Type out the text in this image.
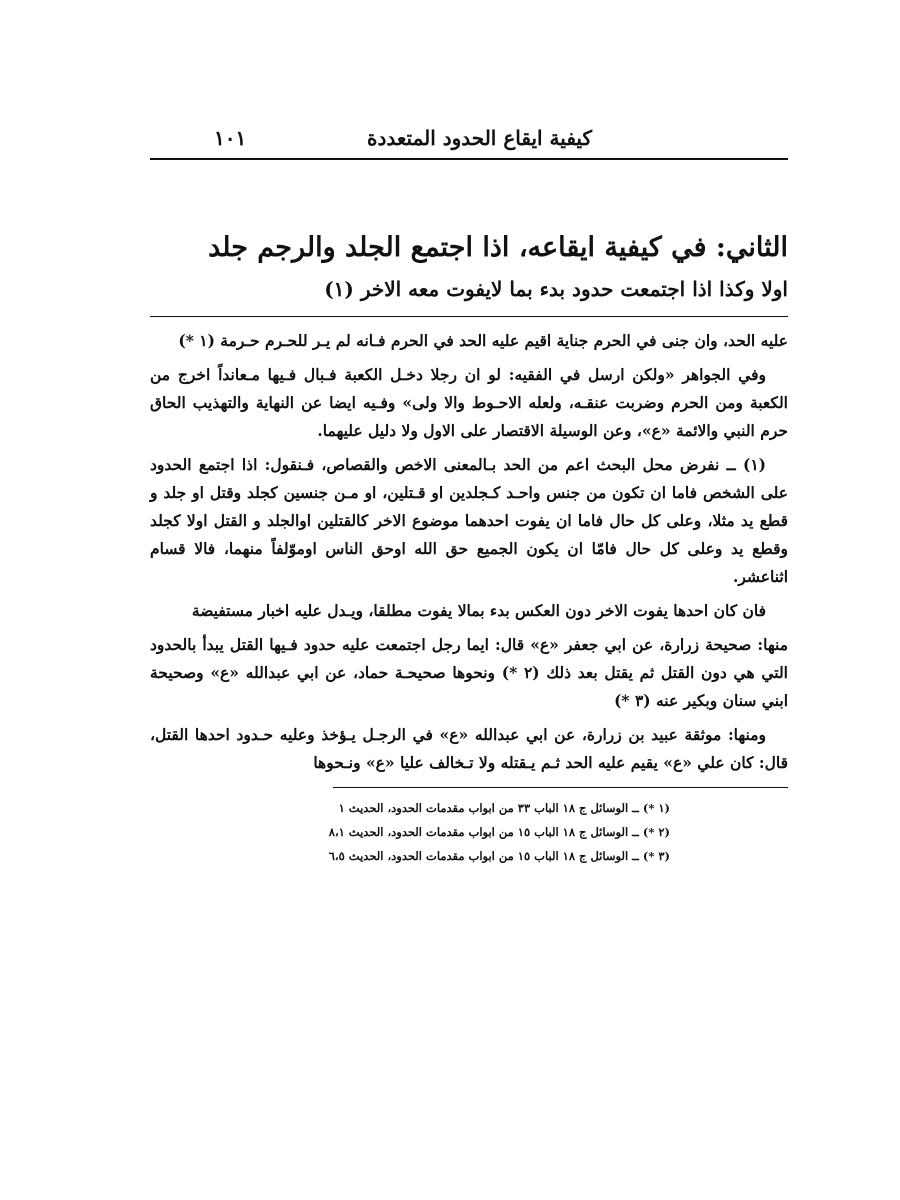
كيفية ايقاع الحدود المتعددة
١٠١
الثاني: في كيفية ايقاعه، اذا اجتمع الجلد والرجم جلد
اولا وكذا اذا اجتمعت حدود بدء بما لايفوت معه الاخر (١)

عليه الحد، وان جنى في الحرم جناية اقيم عليه الحد في الحرم فـانه لم يـر للحـرم حـرمة (١ *)

وفي الجواهر «ولكن ارسل في الفقيه: لو ان رجلا دخـل الكعبة فـبال فـيها مـعانداً اخرج من الكعبة ومن الحرم وضربت عنقـه، ولعله الاحـوط والا ولى» وفـيه ايضا عن النهاية والتهذيب الحاق حرم النبي والائمة «ع»، وعن الوسيلة الاقتصار على الاول ولا دليل عليهما.

(١) ــ نفرض محل البحث اعم من الحد بـالمعنى الاخص والقصاص، فـنقول: اذا اجتمع الحدود على الشخص فاما ان تكون من جنس واحـد كـجلدين او قـتلين، او مـن جنسين كجلد وقتل او جلد و قطع يد مثلا، وعلى كل حال فاما ان يفوت احدهما موضوع الاخر كالقتلين اوالجلد و القتل اولا كجلد وقطع يد وعلى كل حال فامّا ان يكون الجميع حق الله اوحق الناس اوموّلفاً منهما، فالا قسام اثناعشر.

فان كان احدها يفوت الاخر دون العكس بدء بمالا يفوت مطلقا، ويـدل عليه اخبار مستفيضة

منها: صحيحة زرارة، عن ابي جعفر «ع» قال: ايما رجل اجتمعت عليه حدود فـيها القتل يبدأ بالحدود التي هي دون القتل ثم يقتل بعد ذلك (٢ *) ونحوها صحيحـة حماد، عن ابي عبدالله «ع» وصحيحة ابني سنان وبكير عنه (٣ *)

ومنها: موثقة عبيد بن زرارة، عن ابي عبدالله «ع» في الرجـل يـؤخذ وعليه حـدود احدها القتل، قال: كان علي «ع» يقيم عليه الحد ثـم يـقتله ولا تـخالف عليا «ع» ونـحوها

(١ *) ــ الوسائل ج ١٨ الباب ٣٣ من ابواب مقدمات الحدود، الحديث ١
(٢ *) ــ الوسائل ج ١٨ الباب ١٥ من ابواب مقدمات الحدود، الحديث ٨،١
(٣ *) ــ الوسائل ج ١٨ الباب ١٥ من ابواب مقدمات الحدود، الحديث ٦،٥
